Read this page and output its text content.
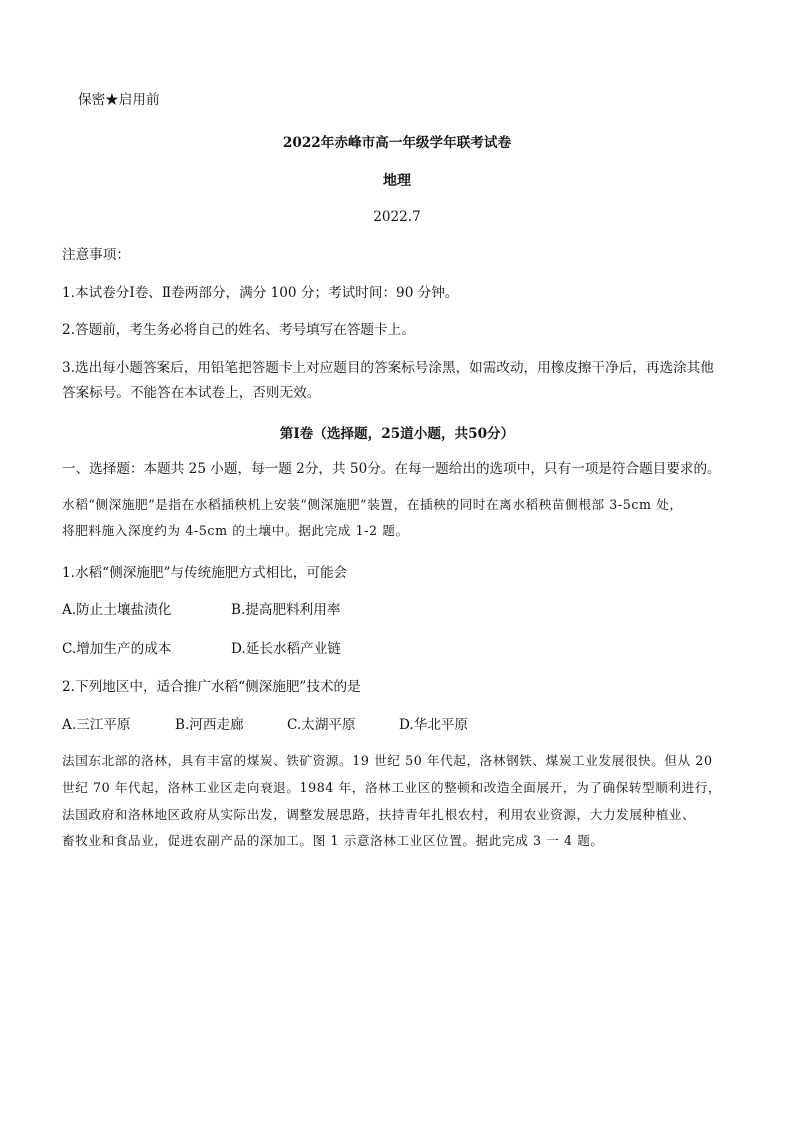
保密★启用前
2022年赤峰市高一年级学年联考试卷
地理
2022.7
注意事项：
1.本试卷分Ⅰ卷、Ⅱ卷两部分，满分 100 分；考试时间：90 分钟。
2.答题前，考生务必将自己的姓名、考号填写在答题卡上。
3.选出每小题答案后，用铅笔把答题卡上对应题目的答案标号涂黑，如需改动，用橡皮擦干净后，再选涂其他
答案标号。不能答在本试卷上，否则无效。
第Ⅰ卷（选择题，25道小题，共50分）
一、选择题：本题共 25 小题，每一题 2分，共 50分。在每一题给出的选项中，只有一项是符合题目要求的。
水稻“侧深施肥”是指在水稻插秧机上安装“侧深施肥”装置，在插秧的同时在离水稻秧苗侧根部 3-5cm 处，
将肥料施入深度约为 4-5cm 的土壤中。据此完成 1-2 题。
1.水稻“侧深施肥”与传统施肥方式相比，可能会
A.防止土壤盐渍化	B.提高肥料利用率
C.增加生产的成本	D.延长水稻产业链
2.下列地区中，适合推广水稻“侧深施肥”技术的是
A.三江平原	B.河西走廊	C.太湖平原	D.华北平原
法国东北部的洛林，具有丰富的煤炭、铁矿资源。19 世纪 50 年代起，洛林钢铁、煤炭工业发展很快。但从 20
世纪 70 年代起，洛林工业区走向衰退。1984 年，洛林工业区的整顿和改造全面展开，为了确保转型顺利进行，
法国政府和洛林地区政府从实际出发，调整发展思路，扶持青年扎根农村，利用农业资源，大力发展种植业、
畜牧业和食品业，促进农副产品的深加工。图 1 示意洛林工业区位置。据此完成 3 一 4 题。
